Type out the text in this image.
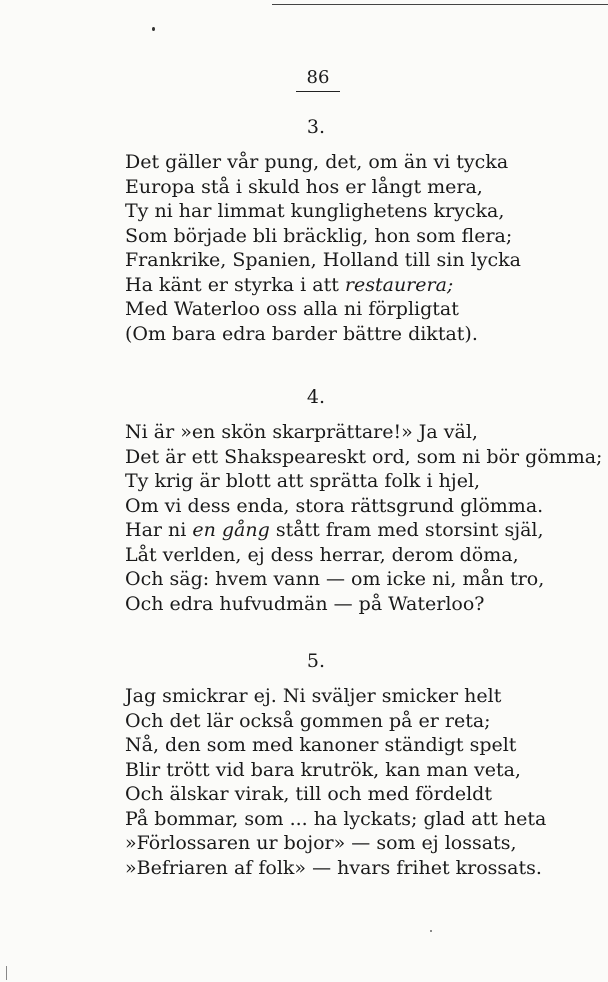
86
3.
Det gäller vår pung, det, om än vi tycka
Europa stå i skuld hos er långt mera,
Ty ni har limmat kunglighetens krycka,
Som började bli bräcklig, hon som flera;
Frankrike, Spanien, Holland till sin lycka
Ha känt er styrka i att restaurera;
Med Waterloo oss alla ni förpligtat
(Om bara edra barder bättre diktat).
4.
Ni är »en skön skarprättare!» Ja väl,
Det är ett Shakspeareskt ord, som ni bör gömma;
Ty krig är blott att sprätta folk i hjel,
Om vi dess enda, stora rättsgrund glömma.
Har ni en gång stått fram med storsint själ,
Låt verlden, ej dess herrar, derom döma,
Och säg: hvem vann — om icke ni, mån tro,
Och edra hufvudmän — på Waterloo?
5.
Jag smickrar ej. Ni sväljer smicker helt
Och det lär också gommen på er reta;
Nå, den som med kanoner ständigt spelt
Blir trött vid bara krutrök, kan man veta,
Och älskar virak, till och med fördeldt
På bommar, som ... ha lyckats; glad att heta
»Förlossaren ur bojor» — som ej lossats,
»Befriaren af folk» — hvars frihet krossats.
